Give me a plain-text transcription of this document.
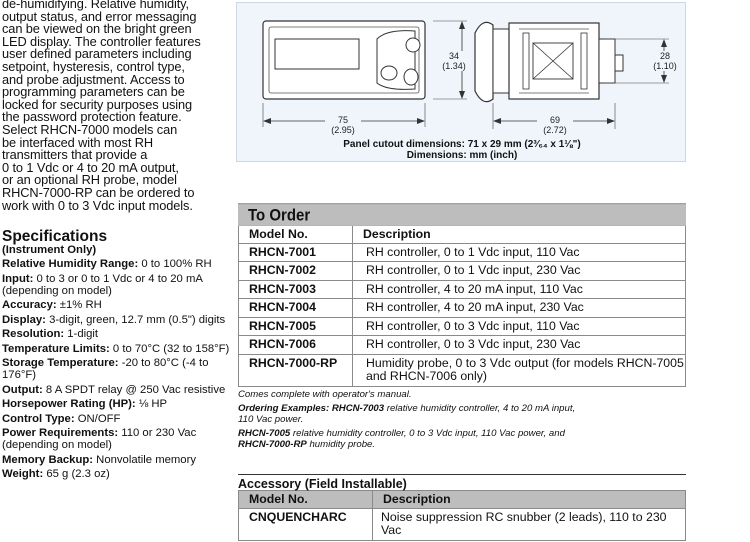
de-humidifying. Relative humidity,
output status, and error messaging
can be viewed on the bright green
LED display. The controller features
user defined parameters including
setpoint, hysteresis, control type,
and probe adjustment. Access to
programming parameters can be
locked for security purposes using
the password protection feature.
Select RHCN-7000 models can
be interfaced with most RH
transmitters that provide a
0 to 1 Vdc or 4 to 20 mA output,
or an optional RH probe, model
RHCN-7000-RP can be ordered to
work with 0 to 3 Vdc input models.
Specifications
(Instrument Only)
Relative Humidity Range: 0 to 100% RH
Input: 0 to 3 or 0 to 1 Vdc or 4 to 20 mA (depending on model)
Accuracy: ±1% RH
Display: 3-digit, green, 12.7 mm (0.5") digits
Resolution: 1-digit
Temperature Limits: 0 to 70°C (32 to 158°F)
Storage Temperature: -20 to 80°C (-4 to 176°F)
Output: 8 A SPDT relay @ 250 Vac resistive
Horsepower Rating (HP): ⅛ HP
Control Type: ON/OFF
Power Requirements: 110 or 230 Vac (depending on model)
Memory Backup: Nonvolatile memory
Weight: 65 g (2.3 oz)
34
(1.34)
28
(1.10)
75
(2.95)
69
(2.72)
Panel cutout dimensions: 71 x 29 mm (2³⁄₆₄ x 1⅛")
Dimensions: mm (inch)
To Order
Model No.	Description
RHCN-7001	RH controller, 0 to 1 Vdc input, 110 Vac
RHCN-7002	RH controller, 0 to 1 Vdc input, 230 Vac
RHCN-7003	RH controller, 4 to 20 mA input, 110 Vac
RHCN-7004	RH controller, 4 to 20 mA input, 230 Vac
RHCN-7005	RH controller, 0 to 3 Vdc input, 110 Vac
RHCN-7006	RH controller, 0 to 3 Vdc input, 230 Vac
RHCN-7000-RP	Humidity probe, 0 to 3 Vdc output (for models RHCN-7005 and RHCN-7006 only)

Comes complete with operator's manual.

Ordering Examples: RHCN-7003 relative humidity controller, 4 to 20 mA input,
110 Vac power.

RHCN-7005 relative humidity controller, 0 to 3 Vdc input, 110 Vac power, and
RHCN-7000-RP humidity probe.

Accessory (Field Installable)
Model No.	Description
CNQUENCHARC	Noise suppression RC snubber (2 leads), 110 to 230 Vac
